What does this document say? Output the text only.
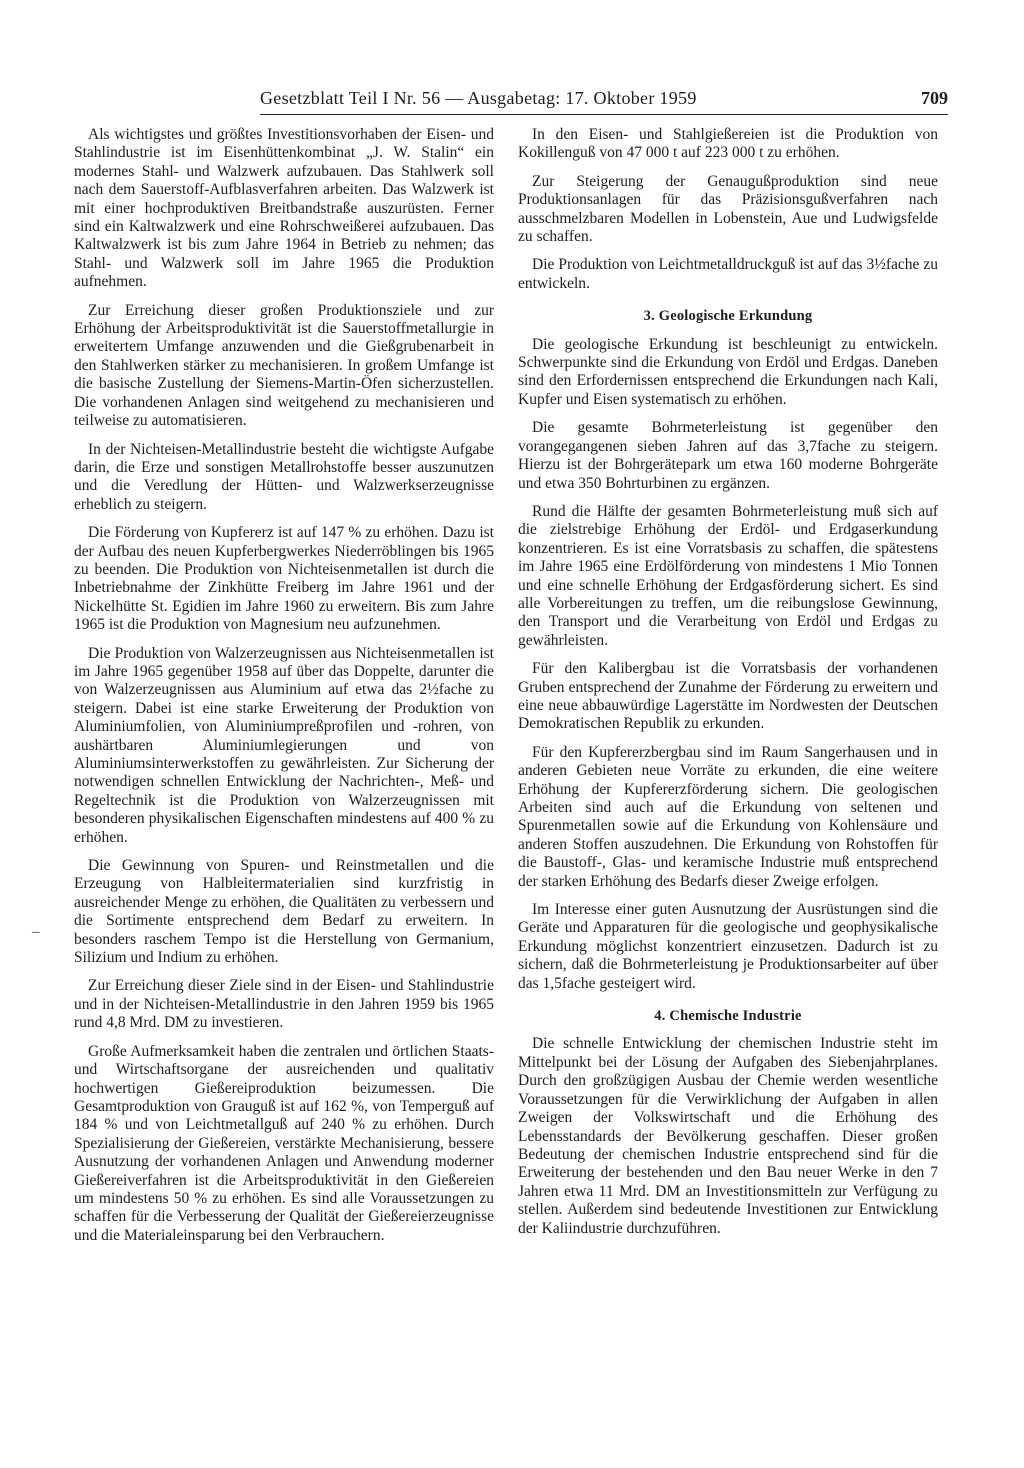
Gesetzblatt Teil I Nr. 56 — Ausgabetag: 17. Oktober 1959	709
–

Als wichtigstes und größtes Investitionsvorhaben der Eisen- und Stahlindustrie ist im Eisenhüttenkombinat „J. W. Stalin“ ein modernes Stahl- und Walzwerk aufzubauen. Das Stahlwerk soll nach dem Sauerstoff-Aufblasverfahren arbeiten. Das Walzwerk ist mit einer hochproduktiven Breitbandstraße auszurüsten. Ferner sind ein Kaltwalzwerk und eine Rohrschweißerei aufzubauen. Das Kaltwalzwerk ist bis zum Jahre 1964 in Betrieb zu nehmen; das Stahl- und Walzwerk soll im Jahre 1965 die Produktion aufnehmen.

Zur Erreichung dieser großen Produktionsziele und zur Erhöhung der Arbeitsproduktivität ist die Sauerstoffmetallurgie in erweitertem Umfange anzuwenden und die Gießgrubenarbeit in den Stahlwerken stärker zu mechanisieren. In großem Umfange ist die basische Zustellung der Siemens-Martin-Öfen sicherzustellen. Die vorhandenen Anlagen sind weitgehend zu mechanisieren und teilweise zu automatisieren.

In der Nichteisen-Metallindustrie besteht die wichtigste Aufgabe darin, die Erze und sonstigen Metallrohstoffe besser auszunutzen und die Veredlung der Hütten- und Walzwerkserzeugnisse erheblich zu steigern.

Die Förderung von Kupfererz ist auf 147 % zu erhöhen. Dazu ist der Aufbau des neuen Kupferbergwerkes Niederröblingen bis 1965 zu beenden. Die Produktion von Nichteisenmetallen ist durch die Inbetriebnahme der Zinkhütte Freiberg im Jahre 1961 und der Nickelhütte St. Egidien im Jahre 1960 zu erweitern. Bis zum Jahre 1965 ist die Produktion von Magnesium neu aufzunehmen.

Die Produktion von Walzerzeugnissen aus Nichteisenmetallen ist im Jahre 1965 gegenüber 1958 auf über das Doppelte, darunter die von Walzerzeugnissen aus Aluminium auf etwa das 2½fache zu steigern. Dabei ist eine starke Erweiterung der Produktion von Aluminiumfolien, von Aluminiumpreßprofilen und -rohren, von aushärtbaren Aluminiumlegierungen und von Aluminiumsinterwerkstoffen zu gewährleisten. Zur Sicherung der notwendigen schnellen Entwicklung der Nachrichten-, Meß- und Regeltechnik ist die Produktion von Walzerzeugnissen mit besonderen physikalischen Eigenschaften mindestens auf 400 % zu erhöhen.

Die Gewinnung von Spuren- und Reinstmetallen und die Erzeugung von Halbleitermaterialien sind kurzfristig in ausreichender Menge zu erhöhen, die Qualitäten zu verbessern und die Sortimente entsprechend dem Bedarf zu erweitern. In besonders raschem Tempo ist die Herstellung von Germanium, Silizium und Indium zu erhöhen.

Zur Erreichung dieser Ziele sind in der Eisen- und Stahlindustrie und in der Nichteisen-Metallindustrie in den Jahren 1959 bis 1965 rund 4,8 Mrd. DM zu investieren.

Große Aufmerksamkeit haben die zentralen und örtlichen Staats- und Wirtschaftsorgane der ausreichenden und qualitativ hochwertigen Gießereiproduktion beizumessen. Die Gesamtproduktion von Grauguß ist auf 162 %, von Temperguß auf 184 % und von Leichtmetallguß auf 240 % zu erhöhen. Durch Spezialisierung der Gießereien, verstärkte Mechanisierung, bessere Ausnutzung der vorhandenen Anlagen und Anwendung moderner Gießereiverfahren ist die Arbeitsproduktivität in den Gießereien um mindestens 50 % zu erhöhen. Es sind alle Voraussetzungen zu schaffen für die Verbesserung der Qualität der Gießereierzeugnisse und die Materialeinsparung bei den Verbrauchern.

In den Eisen- und Stahlgießereien ist die Produktion von Kokillenguß von 47 000 t auf 223 000 t zu erhöhen.

Zur Steigerung der Genaugußproduktion sind neue Produktionsanlagen für das Präzisionsgußverfahren nach ausschmelzbaren Modellen in Lobenstein, Aue und Ludwigsfelde zu schaffen.

Die Produktion von Leichtmetalldruckguß ist auf das 3½fache zu entwickeln.

3. Geologische Erkundung

Die geologische Erkundung ist beschleunigt zu entwickeln. Schwerpunkte sind die Erkundung von Erdöl und Erdgas. Daneben sind den Erfordernissen entsprechend die Erkundungen nach Kali, Kupfer und Eisen systematisch zu erhöhen.

Die gesamte Bohrmeterleistung ist gegenüber den vorangegangenen sieben Jahren auf das 3,7fache zu steigern. Hierzu ist der Bohrgerätepark um etwa 160 moderne Bohrgeräte und etwa 350 Bohrturbinen zu ergänzen.

Rund die Hälfte der gesamten Bohrmeterleistung muß sich auf die zielstrebige Erhöhung der Erdöl- und Erdgaserkundung konzentrieren. Es ist eine Vorratsbasis zu schaffen, die spätestens im Jahre 1965 eine Erdölförderung von mindestens 1 Mio Tonnen und eine schnelle Erhöhung der Erdgasförderung sichert. Es sind alle Vorbereitungen zu treffen, um die reibungslose Gewinnung, den Transport und die Verarbeitung von Erdöl und Erdgas zu gewährleisten.

Für den Kalibergbau ist die Vorratsbasis der vorhandenen Gruben entsprechend der Zunahme der Förderung zu erweitern und eine neue abbauwürdige Lagerstätte im Nordwesten der Deutschen Demokratischen Republik zu erkunden.

Für den Kupfererzbergbau sind im Raum Sangerhausen und in anderen Gebieten neue Vorräte zu erkunden, die eine weitere Erhöhung der Kupfererzförderung sichern. Die geologischen Arbeiten sind auch auf die Erkundung von seltenen und Spurenmetallen sowie auf die Erkundung von Kohlensäure und anderen Stoffen auszudehnen. Die Erkundung von Rohstoffen für die Baustoff-, Glas- und keramische Industrie muß entsprechend der starken Erhöhung des Bedarfs dieser Zweige erfolgen.

Im Interesse einer guten Ausnutzung der Ausrüstungen sind die Geräte und Apparaturen für die geologische und geophysikalische Erkundung möglichst konzentriert einzusetzen. Dadurch ist zu sichern, daß die Bohrmeterleistung je Produktionsarbeiter auf über das 1,5fache gesteigert wird.

4. Chemische Industrie

Die schnelle Entwicklung der chemischen Industrie steht im Mittelpunkt bei der Lösung der Aufgaben des Siebenjahrplanes. Durch den großzügigen Ausbau der Chemie werden wesentliche Voraussetzungen für die Verwirklichung der Aufgaben in allen Zweigen der Volkswirtschaft und die Erhöhung des Lebensstandards der Bevölkerung geschaffen. Dieser großen Bedeutung der chemischen Industrie entsprechend sind für die Erweiterung der bestehenden und den Bau neuer Werke in den 7 Jahren etwa 11 Mrd. DM an Investitionsmitteln zur Verfügung zu stellen. Außerdem sind bedeutende Investitionen zur Entwicklung der Kaliindustrie durchzuführen.
